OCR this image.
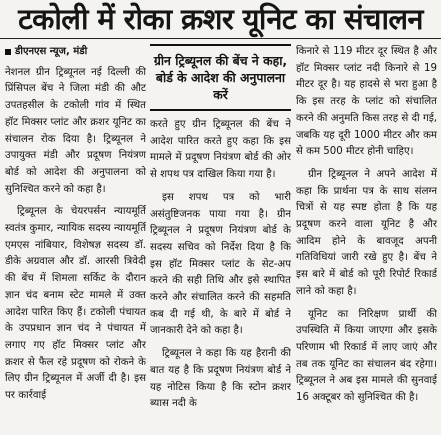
टकोली में रोका क्रशर यूनिट का संचालन
डीएनएस न्यूज, मंडी

नेशनल ग्रीन ट्रिब्यूनल नई दिल्ली की प्रिंसिपल बेंच ने जिला मंडी की औट उपतहसील के टकोली गांव में स्थित हॉट मिक्सर प्लांट और क्रशर यूनिट का संचालन रोक दिया है। ट्रिब्यूनल ने उपायुक्त मंडी और प्रदूषण नियंत्रण बोर्ड को आदेश की अनुपालना को सुनिश्चित करने को कहा है।

ट्रिब्यूनल के चेयरपर्सन न्यायमूर्ति स्वतंत्र कुमार, न्यायिक सदस्य न्यायमूर्ति एमएस नांबियार, विशेषज्ञ सदस्य डॉ. डीके अग्रवाल और डॉ. आरसी त्रिवेदी की बेंच में शिमला सर्किट के दौरान ज्ञान चंद बनाम स्टेट मामले में उक्त आदेश पारित किए हैं। टकोली पंचायत के उपप्रधान ज्ञान चंद ने पंचायत में लगाए गए हॉट मिक्सर प्लांट और क्रशर से फैल रहे प्रदूषण को रोकने के लिए ग्रीन ट्रिब्यूनल में अर्जी दी है। इस पर कार्रवाई

ग्रीन ट्रिब्यूनल की बेंच ने कहा, बोर्ड के आदेश की अनुपालना करें

करते हुए ग्रीन ट्रिब्यूनल की बेंच ने आदेश पारित करते हुए कहा कि इस मामले में प्रदूषण नियंत्रण बोर्ड की ओर से शपथ पत्र दाखिल किया गया है।

इस शपथ पत्र को भारी असंतुष्टिजनक पाया गया है। ग्रीन ट्रिब्यूनल ने प्रदूषण नियंत्रण बोर्ड के सदस्य सचिव को निर्देश दिया है कि इस हॉट मिक्सर प्लांट के सेट-अप करने की सही तिथि और इसे स्थापित करने और संचालित करने की सहमति कब दी गई थी, के बारे में बोर्ड ने जानकारी देने को कहा है।

ट्रिब्यूनल ने कहा कि यह हैरानी की बात यह है कि प्रदूषण नियंत्रण बोर्ड ने यह नोटिस किया है कि स्टोन क्रशर ब्यास नदी के

किनारे से 119 मीटर दूर स्थित है और हॉट मिक्सर प्लांट नदी किनारे से 19 मीटर दूर है। यह हादसे से भरा हुआ है कि इस तरह के प्लांट को संचालित करने की अनुमति किस तरह से दी गई, जबकि यह दूरी 1000 मीटर और कम से कम 500 मीटर होनी चाहिए।

ग्रीन ट्रिब्यूनल ने अपने आदेश में कहा कि प्रार्थना पत्र के साथ संलग्न चित्रों से यह स्पष्ट होता है कि यह प्रदूषण करने वाला यूनिट है और आदिम होने के बावजूद अपनी गतिविधियां जारी रखे हुए है। बेंच ने इस बारे में बोर्ड को पूरी रिपोर्ट रिकार्ड लाने को कहा है।

यूनिट का निरिक्षण प्रार्थी की उपस्थिति में किया जाएगा और इसके परिणाम भी रिकार्ड में लाए जाएं और तब तक यूनिट का संचालन बंद रहेगा। ट्रिब्यूनल ने अब इस मामले की सुनवाई 16 अक्टूबर को सुनिश्चित की है।
